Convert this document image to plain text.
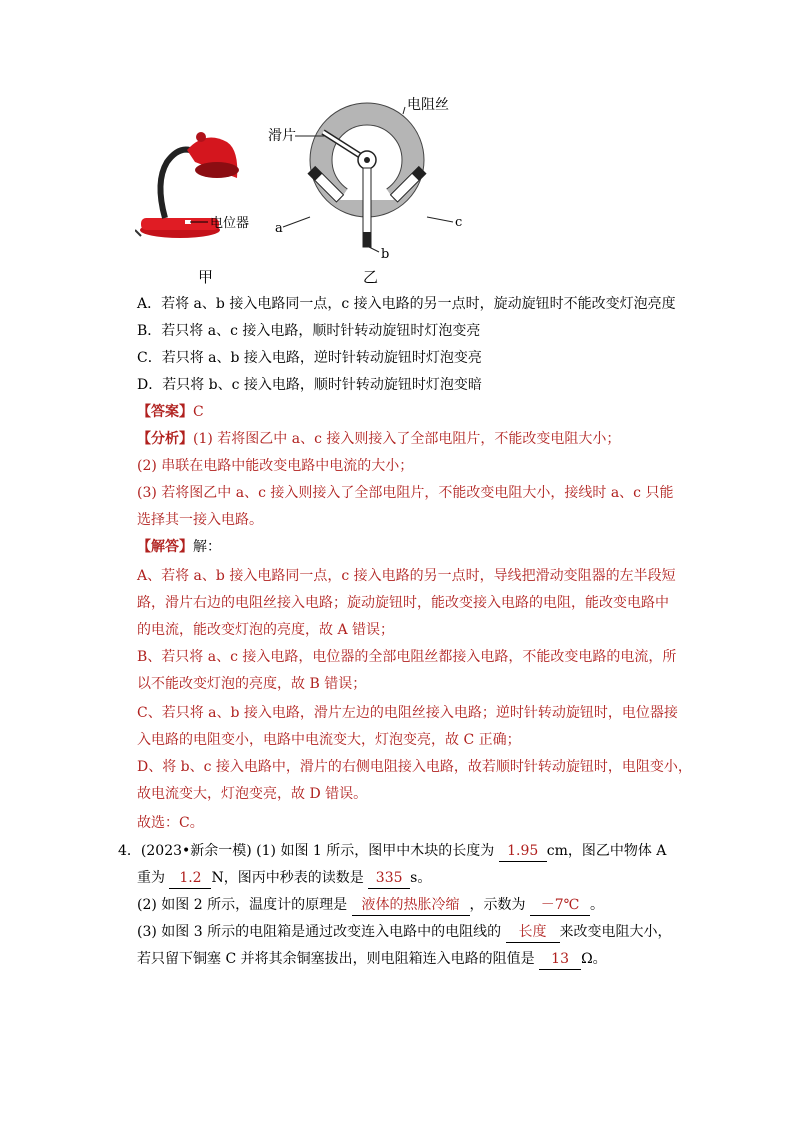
电位器
甲
电阻丝
滑片
a
b
c
乙
A．若将 a、b 接入电路同一点，c 接入电路的另一点时，旋动旋钮时不能改变灯泡亮度
B．若只将 a、c 接入电路，顺时针转动旋钮时灯泡变亮
C．若只将 a、b 接入电路，逆时针转动旋钮时灯泡变亮
D．若只将 b、c 接入电路，顺时针转动旋钮时灯泡变暗
【答案】C
【分析】(1) 若将图乙中 a、c 接入则接入了全部电阻片，不能改变电阻大小；
(2) 串联在电路中能改变电路中电流的大小；
(3) 若将图乙中 a、c 接入则接入了全部电阻片，不能改变电阻大小，接线时 a、c 只能
选择其一接入电路。
【解答】解：
A、若将 a、b 接入电路同一点，c 接入电路的另一点时，导线把滑动变阻器的左半段短
路，滑片右边的电阻丝接入电路；旋动旋钮时，能改变接入电路的电阻，能改变电路中
的电流，能改变灯泡的亮度，故 A 错误；
B、若只将 a、c 接入电路，电位器的全部电阻丝都接入电路，不能改变电路的电流，所
以不能改变灯泡的亮度，故 B 错误；
C、若只将 a、b 接入电路，滑片左边的电阻丝接入电路；逆时针转动旋钮时，电位器接
入电路的电阻变小，电路中电流变大，灯泡变亮，故 C 正确；
D、将 b、c 接入电路中，滑片的右侧电阻接入电路，故若顺时针转动旋钮时，电阻变小，
故电流变大，灯泡变亮，故 D 错误。
故选：C。
4．(2023•新余一模) (1) 如图 1 所示，图甲中木块的长度为 1.95 cm，图乙中物体 A
重为 1.2 N，图丙中秒表的读数是 335 s。
(2) 如图 2 所示，温度计的原理是 液体的热胀冷缩 ，示数为 －7℃ 。
(3) 如图 3 所示的电阻箱是通过改变连入电路中的电阻线的 长度 来改变电阻大小，
若只留下铜塞 C 并将其余铜塞拔出，则电阻箱连入电路的阻值是 13 Ω。
